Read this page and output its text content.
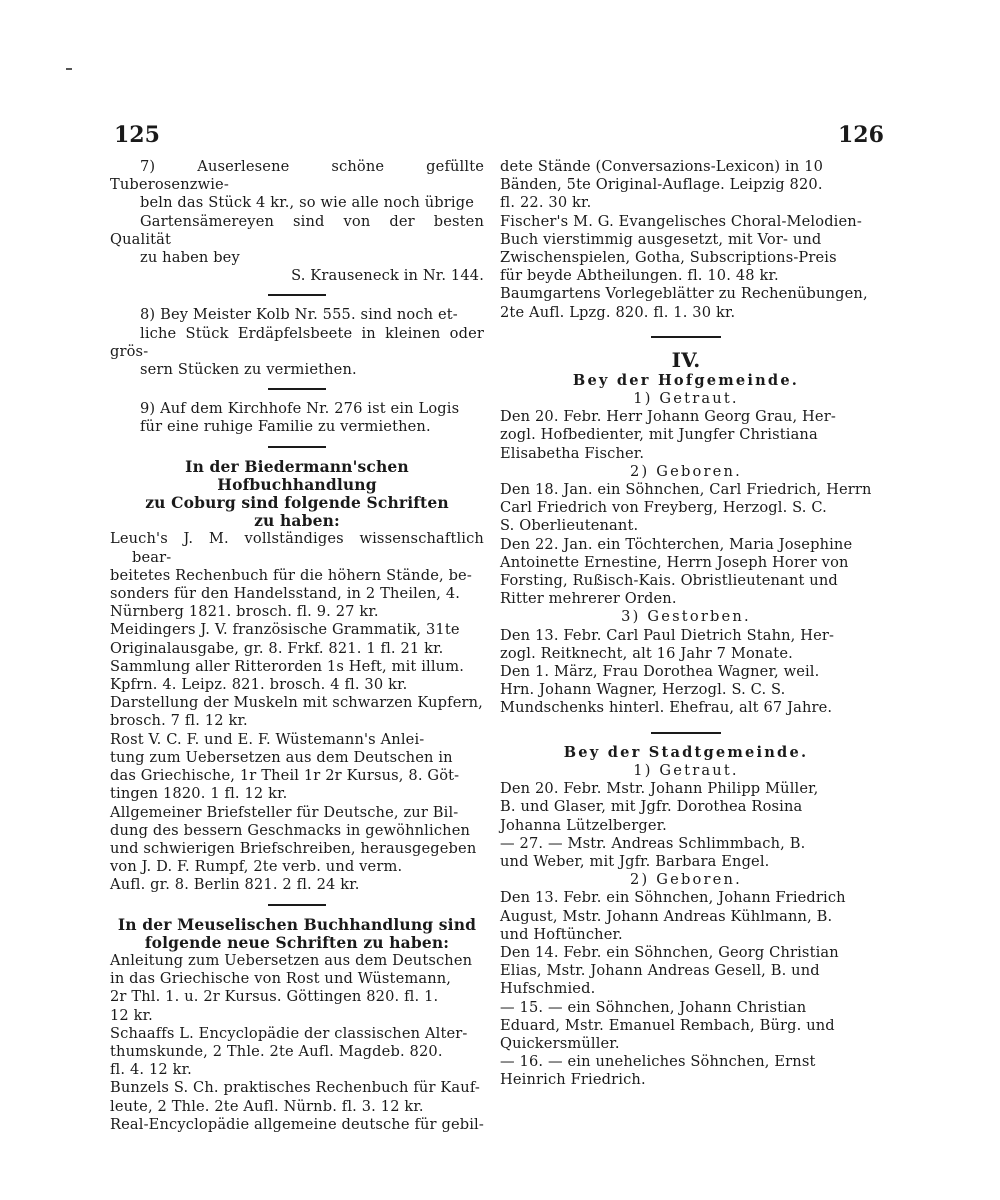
125	126
7) Auserlesene schöne gefüllte Tuberosenzwie-
beln das Stück 4 kr., so wie alle noch übrige
Gartensämereyen sind von der besten Qualität
zu haben bey

S. Krauseneck in Nr. 144.

8) Bey Meister Kolb Nr. 555. sind noch et-
liche Stück Erdäpfelsbeete in kleinen oder grös-
sern Stücken zu vermiethen.
9) Auf dem Kirchhofe Nr. 276 ist ein Logis
für eine ruhige Familie zu vermiethen.
In der Biedermann'schen Hofbuchhandlung
zu Coburg sind folgende Schriften
zu haben:
Leuch's J. M. vollständiges wissenschaftlich bear-
beitetes Rechenbuch für die höhern Stände, be-
sonders für den Handelsstand, in 2 Theilen, 4.
Nürnberg 1821. brosch. fl. 9. 27 kr.
Meidingers J. V. französische Grammatik, 31te
Originalausgabe, gr. 8. Frkf. 821. 1 fl. 21 kr.
Sammlung aller Ritterorden 1s Heft, mit illum.
Kpfrn. 4. Leipz. 821. brosch. 4 fl. 30 kr.
Darstellung der Muskeln mit schwarzen Kupfern,
brosch. 7 fl. 12 kr.
Rost V. C. F. und E. F. Wüstemann's Anlei-
tung zum Uebersetzen aus dem Deutschen in
das Griechische, 1r Theil 1r 2r Kursus, 8. Göt-
tingen 1820. 1 fl. 12 kr.
Allgemeiner Briefsteller für Deutsche, zur Bil-
dung des bessern Geschmacks in gewöhnlichen
und schwierigen Briefschreiben, herausgegeben
von J. D. F. Rumpf, 2te verb. und verm.
Aufl. gr. 8. Berlin 821. 2 fl. 24 kr.
In der Meuselischen Buchhandlung sind
folgende neue Schriften zu haben:
Anleitung zum Uebersetzen aus dem Deutschen
in das Griechische von Rost und Wüstemann,
2r Thl. 1. u. 2r Kursus. Göttingen 820. fl. 1.
12 kr.
Schaaffs L. Encyclopädie der classischen Alter-
thumskunde, 2 Thle. 2te Aufl. Magdeb. 820.
fl. 4. 12 kr.
Bunzels S. Ch. praktisches Rechenbuch für Kauf-
leute, 2 Thle. 2te Aufl. Nürnb. fl. 3. 12 kr.
Real-Encyclopädie allgemeine deutsche für gebil-
dete Stände (Conversazions-Lexicon) in 10
Bänden, 5te Original-Auflage. Leipzig 820.
fl. 22. 30 kr.
Fischer's M. G. Evangelisches Choral-Melodien-
Buch vierstimmig ausgesetzt, mit Vor- und
Zwischenspielen, Gotha, Subscriptions-Preis
für beyde Abtheilungen. fl. 10. 48 kr.
Baumgartens Vorlegeblätter zu Rechenübungen,
2te Aufl. Lpzg. 820. fl. 1. 30 kr.

IV.

Bey der Hofgemeinde.

1) Getraut.

Den 20. Febr. Herr Johann Georg Grau, Her-
zogl. Hofbedienter, mit Jungfer Christiana
Elisabetha Fischer.

2) Geboren.

Den 18. Jan. ein Söhnchen, Carl Friedrich, Herrn
Carl Friedrich von Freyberg, Herzogl. S. C.
S. Oberlieutenant.
Den 22. Jan. ein Töchterchen, Maria Josephine
Antoinette Ernestine, Herrn Joseph Horer von
Forsting, Rußisch-Kais. Obristlieutenant und
Ritter mehrerer Orden.

3) Gestorben.

Den 13. Febr. Carl Paul Dietrich Stahn, Her-
zogl. Reitknecht, alt 16 Jahr 7 Monate.
Den 1. März, Frau Dorothea Wagner, weil.
Hrn. Johann Wagner, Herzogl. S. C. S.
Mundschenks hinterl. Ehefrau, alt 67 Jahre.

Bey der Stadtgemeinde.

1) Getraut.

Den 20. Febr. Mstr. Johann Philipp Müller,
B. und Glaser, mit Jgfr. Dorothea Rosina
Johanna Lützelberger.
— 27. — Mstr. Andreas Schlimmbach, B.
und Weber, mit Jgfr. Barbara Engel.

2) Geboren.

Den 13. Febr. ein Söhnchen, Johann Friedrich
August, Mstr. Johann Andreas Kühlmann, B.
und Hoftüncher.
Den 14. Febr. ein Söhnchen, Georg Christian
Elias, Mstr. Johann Andreas Gesell, B. und
Hufschmied.
— 15. — ein Söhnchen, Johann Christian
Eduard, Mstr. Emanuel Rembach, Bürg. und
Quickersmüller.
— 16. — ein uneheliches Söhnchen, Ernst
Heinrich Friedrich.
